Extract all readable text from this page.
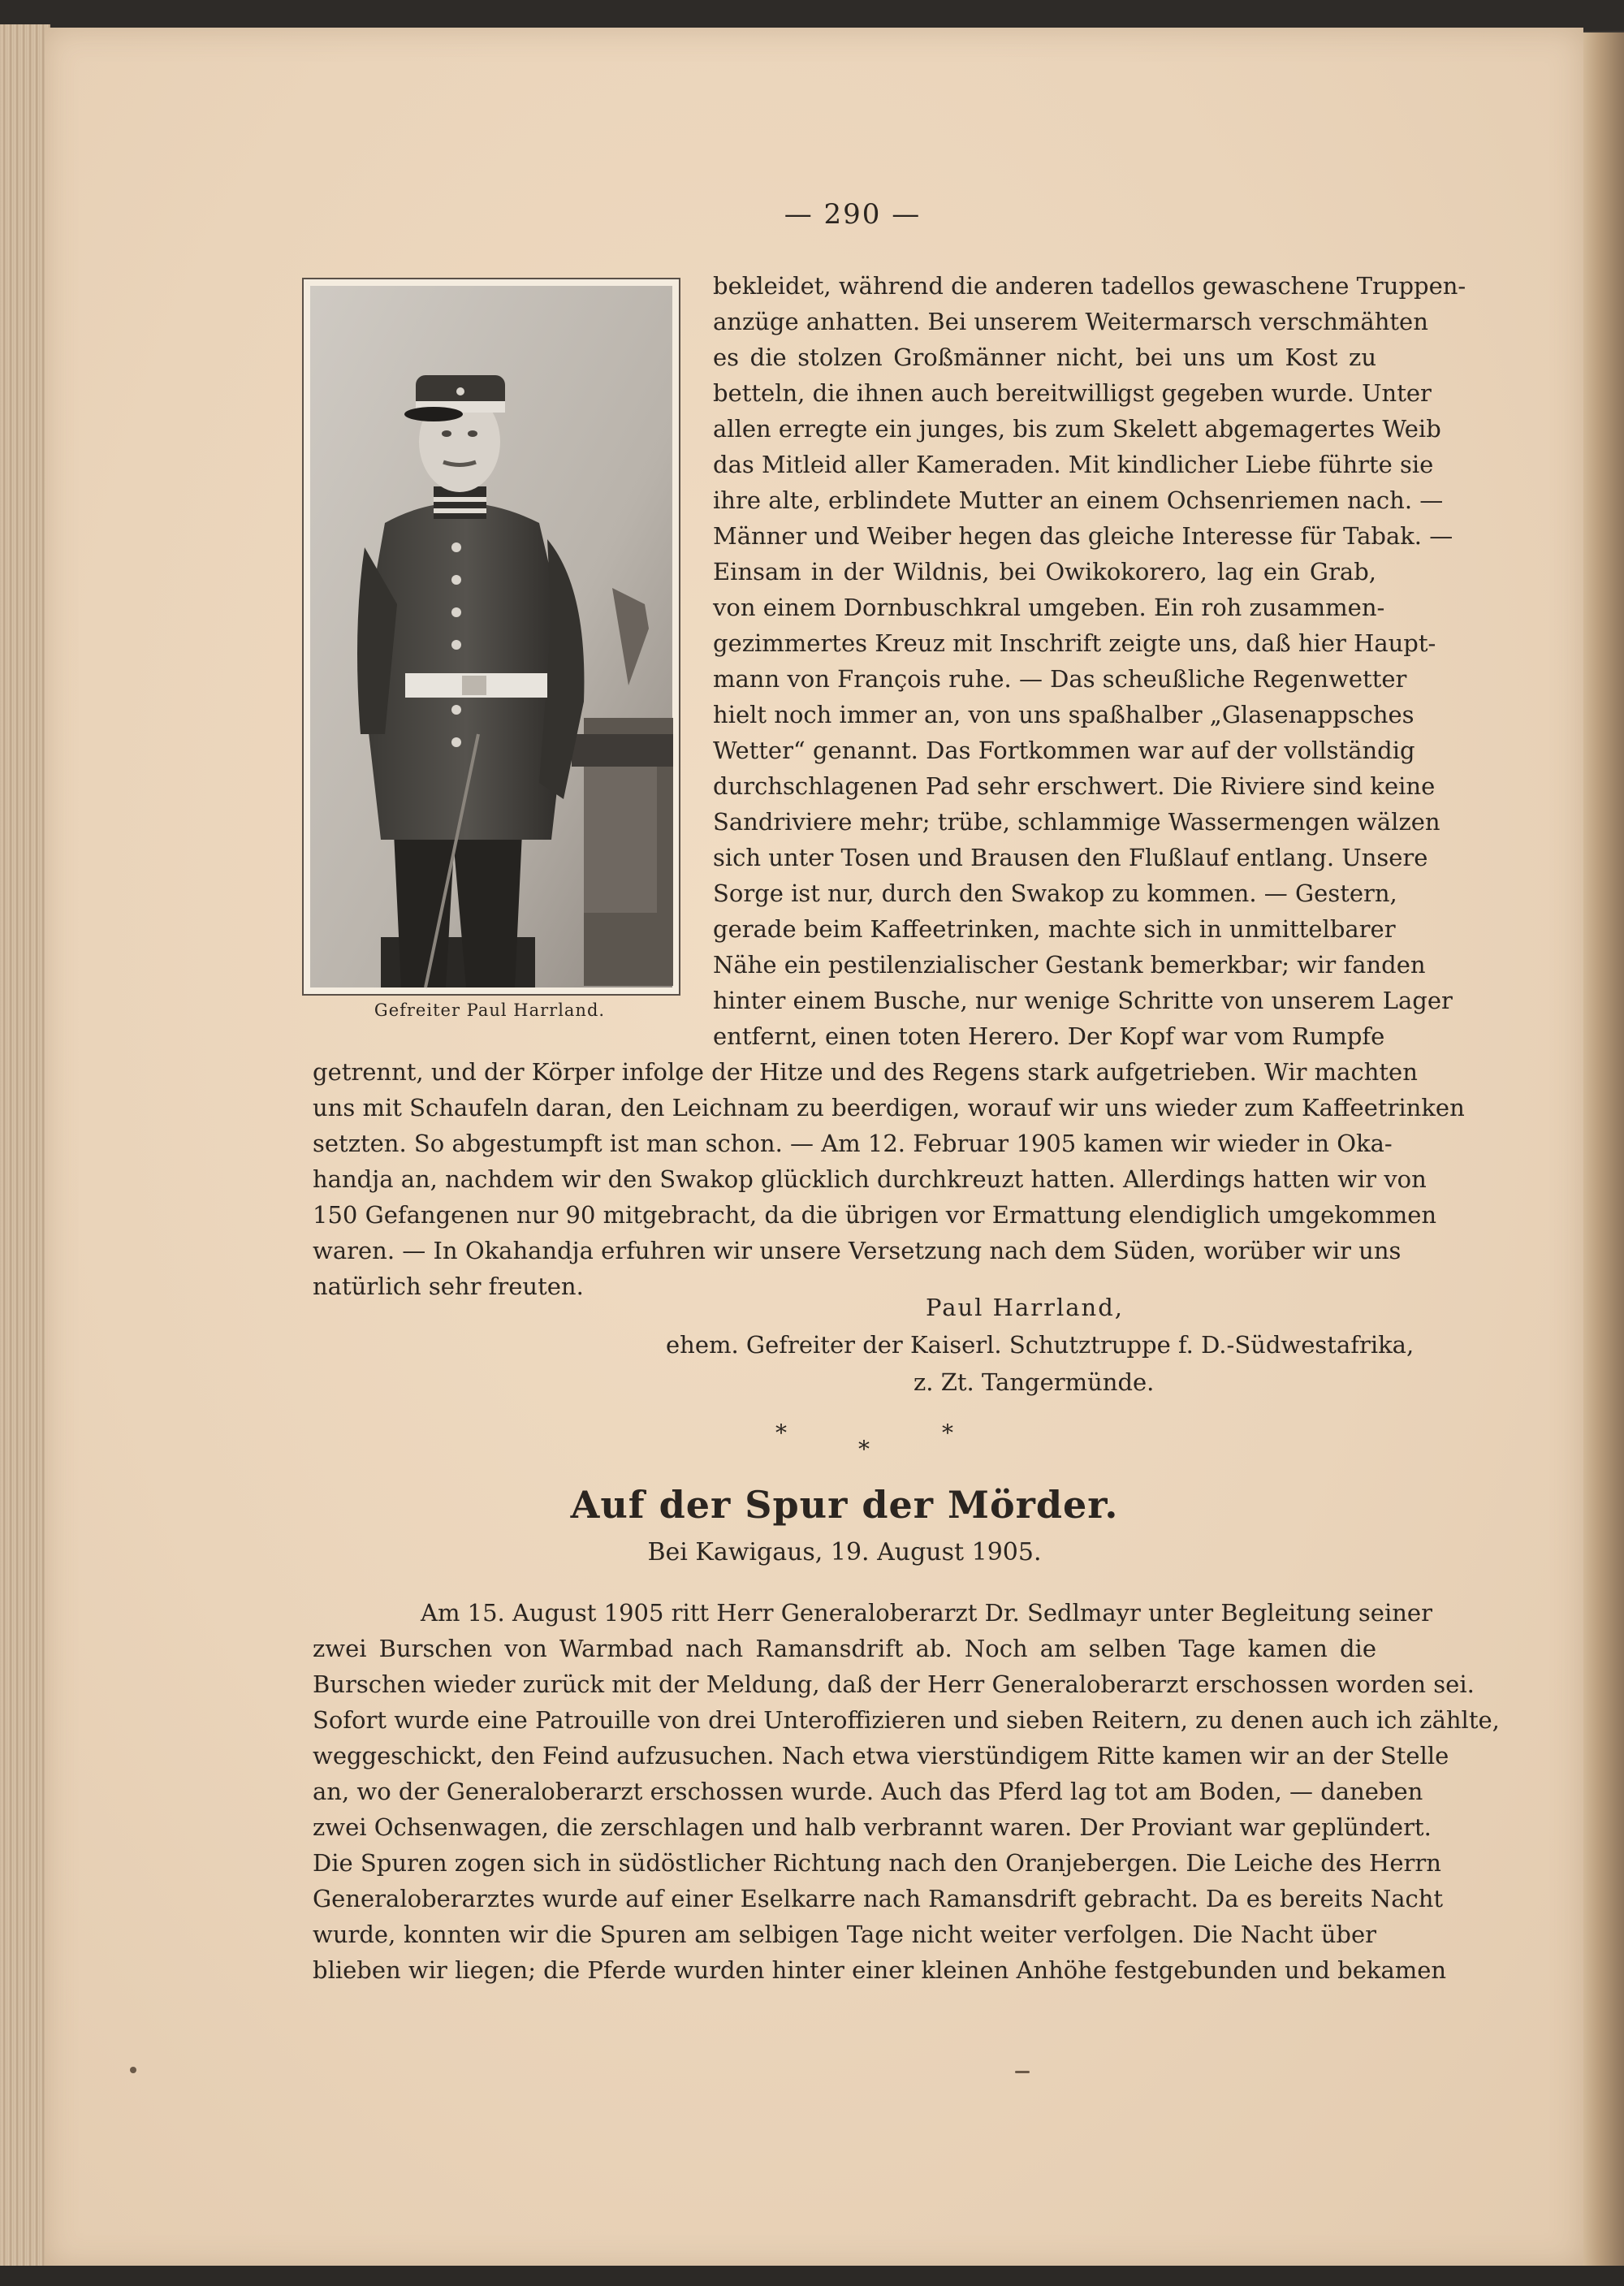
— 290 —
Gefreiter Paul Harrland.
bekleidet, während die anderen tadellos gewaschene Truppen-
anzüge anhatten. Bei unserem Weitermarsch verschmähten
es die stolzen Großmänner nicht, bei uns um Kost zu
betteln, die ihnen auch bereitwilligst gegeben wurde. Unter
allen erregte ein junges, bis zum Skelett abgemagertes Weib
das Mitleid aller Kameraden. Mit kindlicher Liebe führte sie
ihre alte, erblindete Mutter an einem Ochsenriemen nach. —
Männer und Weiber hegen das gleiche Interesse für Tabak. —
Einsam in der Wildnis, bei Owikokorero, lag ein Grab,
von einem Dornbuschkral umgeben. Ein roh zusammen-
gezimmertes Kreuz mit Inschrift zeigte uns, daß hier Haupt-
mann von François ruhe. — Das scheußliche Regenwetter
hielt noch immer an, von uns spaßhalber „Glasenappsches
Wetter“ genannt. Das Fortkommen war auf der vollständig
durchschlagenen Pad sehr erschwert. Die Riviere sind keine
Sandriviere mehr; trübe, schlammige Wassermengen wälzen
sich unter Tosen und Brausen den Flußlauf entlang. Unsere
Sorge ist nur, durch den Swakop zu kommen. — Gestern,
gerade beim Kaffeetrinken, machte sich in unmittelbarer
Nähe ein pestilenzialischer Gestank bemerkbar; wir fanden
hinter einem Busche, nur wenige Schritte von unserem Lager
entfernt, einen toten Herero. Der Kopf war vom Rumpfe
getrennt, und der Körper infolge der Hitze und des Regens stark aufgetrieben. Wir machten
uns mit Schaufeln daran, den Leichnam zu beerdigen, worauf wir uns wieder zum Kaffeetrinken
setzten. So abgestumpft ist man schon. — Am 12. Februar 1905 kamen wir wieder in Oka-
handja an, nachdem wir den Swakop glücklich durchkreuzt hatten. Allerdings hatten wir von
150 Gefangenen nur 90 mitgebracht, da die übrigen vor Ermattung elendiglich umgekommen
waren. — In Okahandja erfuhren wir unsere Versetzung nach dem Süden, worüber wir uns
natürlich sehr freuten.
Paul Harrland,
ehem. Gefreiter der Kaiserl. Schutztruppe f. D.-Südwestafrika,
z. Zt. Tangermünde.
*	*
*
Auf der Spur der Mörder.
Bei Kawigaus, 19. August 1905.
Am 15. August 1905 ritt Herr Generaloberarzt Dr. Sedlmayr unter Begleitung seiner
zwei Burschen von Warmbad nach Ramansdrift ab. Noch am selben Tage kamen die
Burschen wieder zurück mit der Meldung, daß der Herr Generaloberarzt erschossen worden sei.
Sofort wurde eine Patrouille von drei Unteroffizieren und sieben Reitern, zu denen auch ich zählte,
weggeschickt, den Feind aufzusuchen. Nach etwa vierstündigem Ritte kamen wir an der Stelle
an, wo der Generaloberarzt erschossen wurde. Auch das Pferd lag tot am Boden, — daneben
zwei Ochsenwagen, die zerschlagen und halb verbrannt waren. Der Proviant war geplündert.
Die Spuren zogen sich in südöstlicher Richtung nach den Oranjebergen. Die Leiche des Herrn
Generaloberarztes wurde auf einer Eselkarre nach Ramansdrift gebracht. Da es bereits Nacht
wurde, konnten wir die Spuren am selbigen Tage nicht weiter verfolgen. Die Nacht über
blieben wir liegen; die Pferde wurden hinter einer kleinen Anhöhe festgebunden und bekamen
